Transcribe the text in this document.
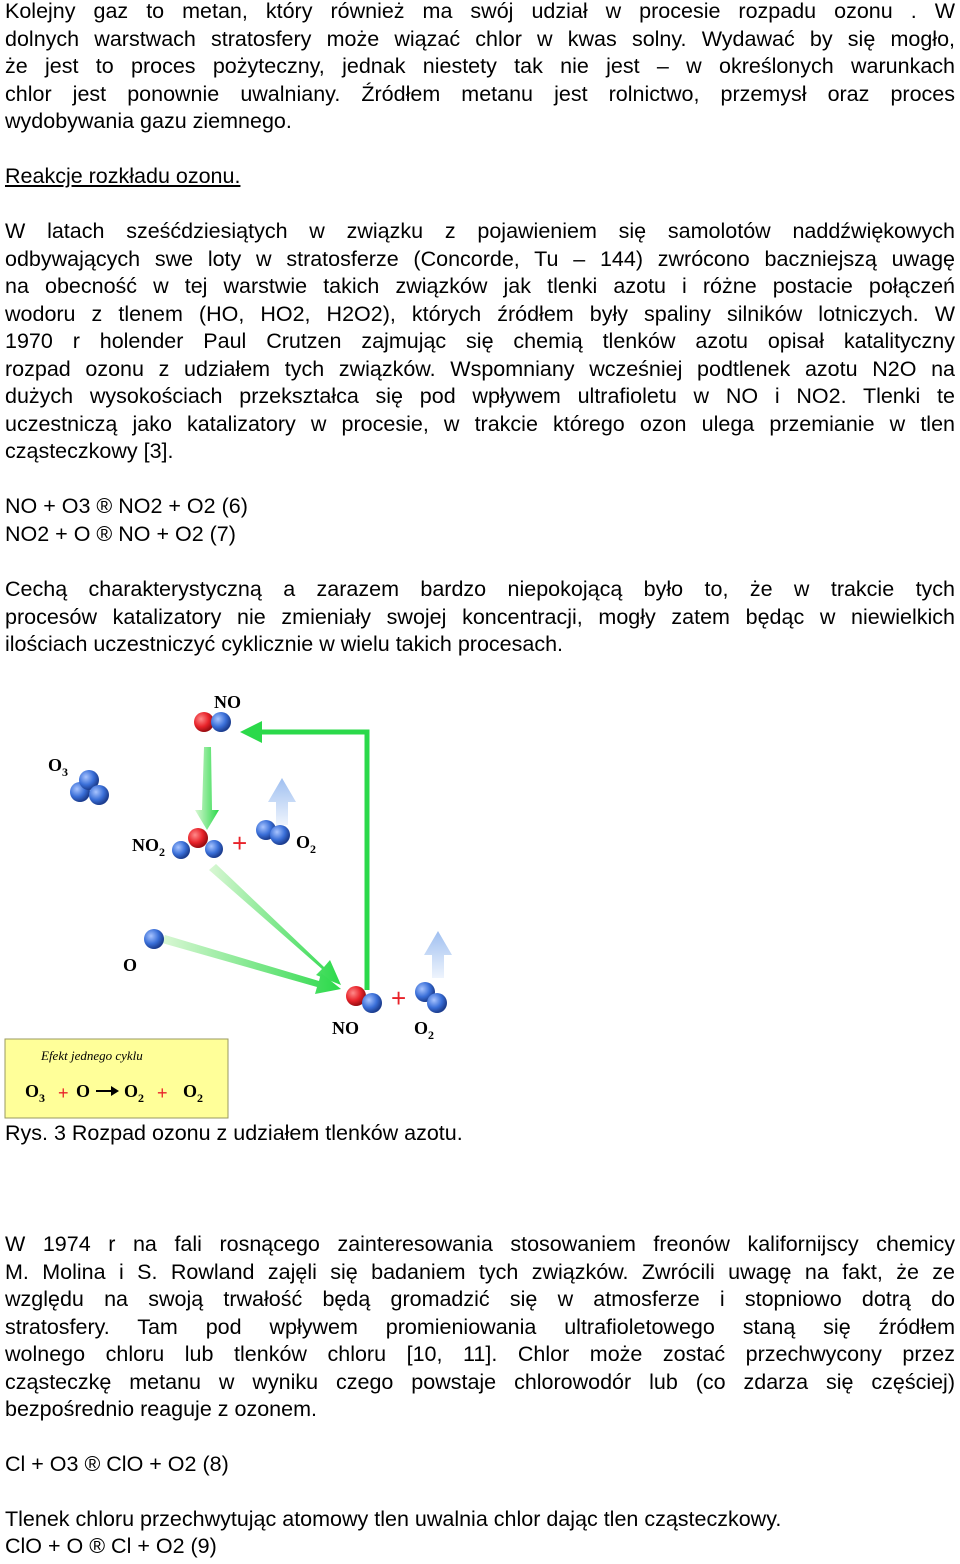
Kolejny gaz to metan, który również ma swój udział w procesie rozpadu ozonu . W
dolnych warstwach stratosfery może wiązać chlor w kwas solny. Wydawać by się mogło,
że jest to proces pożyteczny, jednak niestety tak nie jest – w określonych warunkach
chlor jest ponownie uwalniany. Źródłem metanu jest rolnictwo, przemysł oraz proces
wydobywania gazu ziemnego.
Reakcje rozkładu ozonu.
W latach sześćdziesiątych w związku z pojawieniem się samolotów naddźwiękowych
odbywających swe loty w stratosferze (Concorde, Tu – 144) zwrócono baczniejszą uwagę
na obecność w tej warstwie takich związków jak tlenki azotu i różne postacie połączeń
wodoru z tlenem (HO, HO2, H2O2), których źródłem były spaliny silników lotniczych. W
1970 r holender Paul Crutzen zajmując się chemią tlenków azotu opisał katalityczny
rozpad ozonu z udziałem tych związków. Wspomniany wcześniej podtlenek azotu N2O na
dużych wysokościach przekształca się pod wpływem ultrafioletu w NO i NO2. Tlenki te
uczestniczą jako katalizatory w procesie, w trakcie którego ozon ulega przemianie w tlen
cząsteczkowy [3].
NO + O3 ® NO2 + O2 (6)
NO2 + O ® NO + O2 (7)
Cechą charakterystyczną a zarazem bardzo niepokojącą było to, że w trakcie tych
procesów katalizatory nie zmieniały swojej koncentracji, mogły zatem będąc w niewielkich
ilościach uczestniczyć cyklicznie w wielu takich procesach.
NO
$O_3$
$NO_2$	+	$O_2$
O
NO
+
$O_2$
Efekt jednego cyklu
$O_3 + O$ $O_2 + O_2$
Rys. 3 Rozpad ozonu z udziałem tlenków azotu.
W 1974 r na fali rosnącego zainteresowania stosowaniem freonów kalifornijscy chemicy
M. Molina i S. Rowland zajęli się badaniem tych związków. Zwrócili uwagę na fakt, że ze
względu na swoją trwałość będą gromadzić się w atmosferze i stopniowo dotrą do
stratosfery. Tam pod wpływem promieniowania ultrafioletowego staną się źródłem
wolnego chloru lub tlenków chloru [10, 11]. Chlor może zostać przechwycony przez
cząsteczkę metanu w wyniku czego powstaje chlorowodór lub (co zdarza się częściej)
bezpośrednio reaguje z ozonem.
Cl + O3 ® ClO + O2 (8)
Tlenek chloru przechwytując atomowy tlen uwalnia chlor dając tlen cząsteczkowy.
ClO + O ® Cl + O2 (9)
